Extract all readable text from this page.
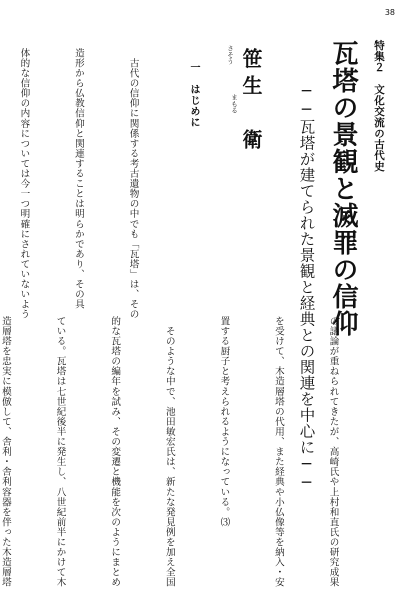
38
特集２　文化交流の古代史
瓦塔の景観と滅罪の信仰
──瓦塔が建てられた景観と経典との関連を中心に──
笹生　衛
さそう
まもる
一　はじめに

　古代の信仰に関係する考古遺物の中でも「瓦塔」は、その

造形から仏教信仰と関連することは明らかであり、その具

体的な信仰の内容については今一つ明確にされていないよう

の議論が重ねられてきたが、高崎氏や上村和直氏の研究成果

を受けて、木造層塔の代用、また経典や小仏像等を納入・安

置する厨子と考えられるようになっている。⑶

　そのような中で、池田敏宏氏は、新たな発見例を加え全国

的な瓦塔の編年を試み、その変遷と機能を次のようにまとめ

ている。瓦塔は七世紀後半に発生し、八世紀前半にかけて木

造層塔を忠実に模倣して、舎利・舎利容器を伴った木造層塔
